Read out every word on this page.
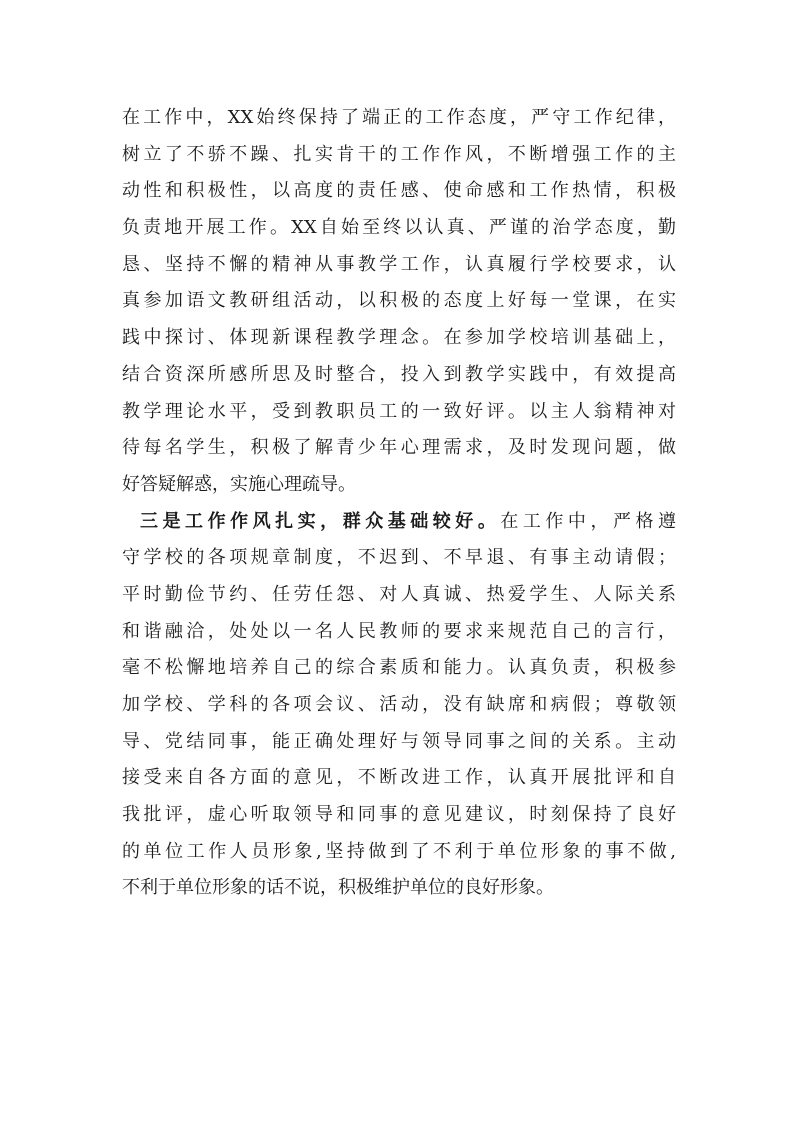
在工作中，XX始终保持了端正的工作态度，严守工作纪律，
树立了不骄不躁、扎实肯干的工作作风，不断增强工作的主
动性和积极性，以高度的责任感、使命感和工作热情，积极
负责地开展工作。XX自始至终以认真、严谨的治学态度，勤
恳、坚持不懈的精神从事教学工作，认真履行学校要求，认
真参加语文教研组活动，以积极的态度上好每一堂课，在实
践中探讨、体现新课程教学理念。在参加学校培训基础上，
结合资深所感所思及时整合，投入到教学实践中，有效提高
教学理论水平，受到教职员工的一致好评。以主人翁精神对
待每名学生，积极了解青少年心理需求，及时发现问题，做
好答疑解惑，实施心理疏导。
三是工作作风扎实，群众基础较好。在工作中，严格遵
守学校的各项规章制度，不迟到、不早退、有事主动请假；
平时勤俭节约、任劳任怨、对人真诚、热爱学生、人际关系
和谐融洽，处处以一名人民教师的要求来规范自己的言行，
毫不松懈地培养自己的综合素质和能力。认真负责，积极参
加学校、学科的各项会议、活动，没有缺席和病假；尊敬领
导、党结同事，能正确处理好与领导同事之间的关系。主动
接受来自各方面的意见，不断改进工作，认真开展批评和自
我批评，虚心听取领导和同事的意见建议，时刻保持了良好
的单位工作人员形象,坚持做到了不利于单位形象的事不做,
不利于单位形象的话不说，积极维护单位的良好形象。
